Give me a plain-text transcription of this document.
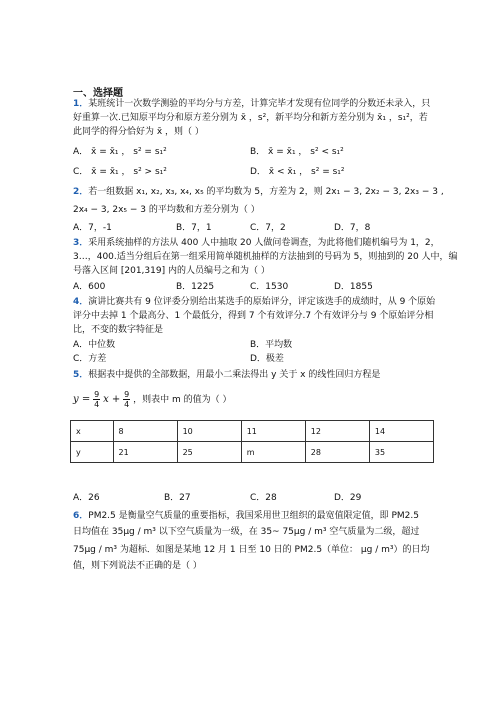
一、选择题
1．某班统计一次数学测验的平均分与方差，计算完毕才发现有位同学的分数还未录入，只
好重算一次.已知原平均分和原方差分别为 x̄ ，s²，新平均分和新方差分别为 x̄₁ ，s₁²，若
此同学的得分恰好为 x̄ ，则（ ）
A． x̄ = x̄₁ ， s² = s₁²	B． x̄ = x̄₁ ， s² < s₁²
C． x̄ = x̄₁ ， s² > s₁²	D． x̄ < x̄₁ ， s² = s₁²
2．若一组数据 x₁, x₂, x₃, x₄, x₅ 的平均数为 5，方差为 2，则 2x₁ − 3, 2x₂ − 3, 2x₃ − 3 ,
2x₄ − 3, 2x₅ − 3 的平均数和方差分别为（ ）
A．7，-1	B．7，1	C．7，2	D．7，8
3．采用系统抽样的方法从 400 人中抽取 20 人做问卷调查，为此将他们随机编号为 1，2，
3…，400.适当分组后在第一组采用简单随机抽样的方法抽到的号码为 5，则抽到的 20 人中，编
号落入区间 [201,319] 内的人员编号之和为（ ）
A．600	B．1225	C．1530	D．1855
4．演讲比赛共有 9 位评委分别给出某选手的原始评分，评定该选手的成绩时，从 9 个原始
评分中去掉 1 个最高分、1 个最低分，得到 7 个有效评分.7 个有效评分与 9 个原始评分相
比，不变的数字特征是
A．中位数	B．平均数
C．方差	D．极差
5．根据表中提供的全部数据，用最小二乘法得出 y 关于 x 的线性回归方程是
$y = \frac{9}{4}$ $x + \frac{9}{4}$ ，则表中 m 的值为（ ）
x	8	10	11	12	14
y	21	25	m	28	35
A．26	B．27	C．28	D．29
6．PM2.5 是衡量空气质量的重要指标，我国采用世卫组织的最宽值限定值，即 PM2.5
日均值在 35μg / m³ 以下空气质量为一级，在 35~ 75μg / m³ 空气质量为二级，超过
75μg / m³ 为超标．如图是某地 12 月 1 日至 10 日的 PM2.5（单位： μg / m³）的日均
值，则下列说法不正确的是（ ）
